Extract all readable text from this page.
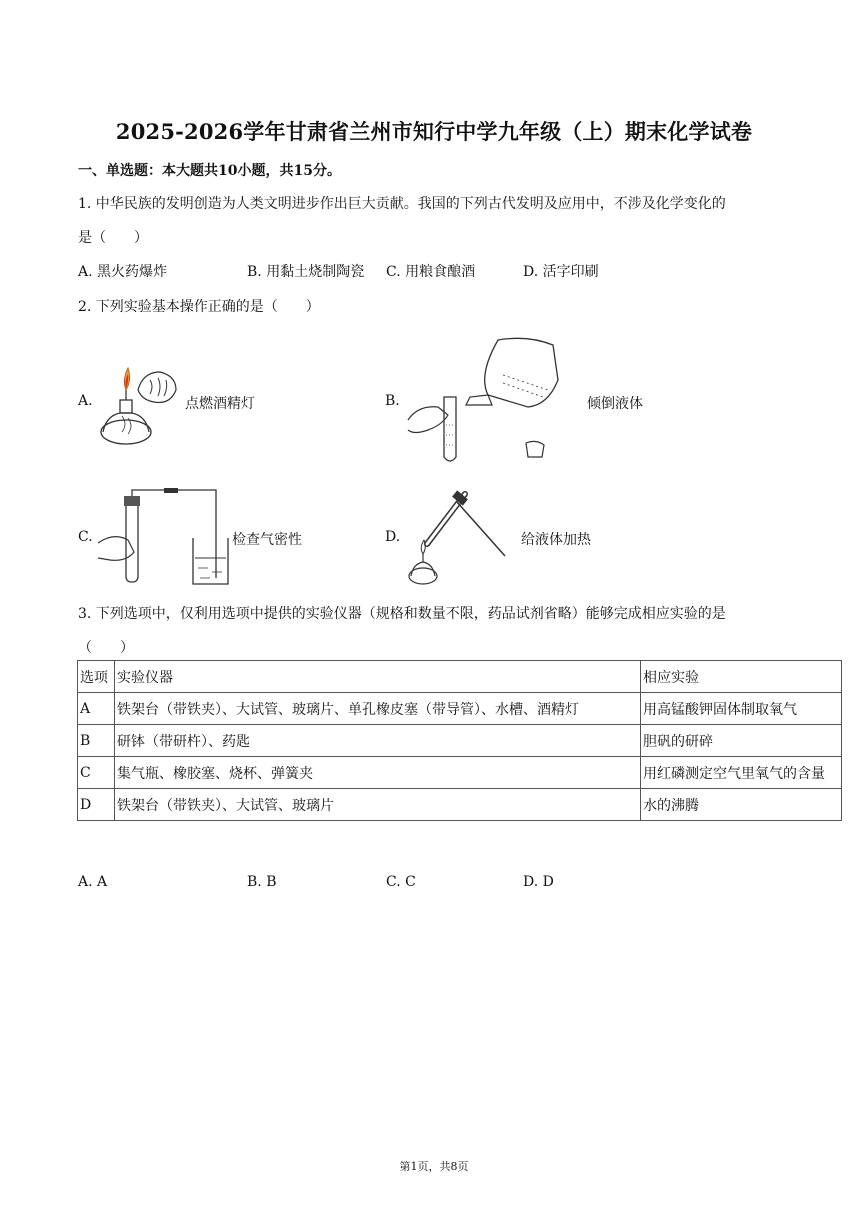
2025-2026学年甘肃省兰州市知行中学九年级（上）期末化学试卷
一、单选题：本大题共10小题，共15分。
1. 中华民族的发明创造为人类文明进步作出巨大贡献。我国的下列古代发明及应用中，不涉及化学变化的
是（　　）
A. 黑火药爆炸	B. 用黏土烧制陶瓷 C. 用粮食酿酒	D. 活字印刷
2. 下列实验基本操作正确的是（　　）
A.	点燃酒精灯	B.	倾倒液体
C.	检查气密性	D.	给液体加热
3. 下列选项中，仅利用选项中提供的实验仪器（规格和数量不限，药品试剂省略）能够完成相应实验的是
（　　）
选项	实验仪器	相应实验
A	铁架台（带铁夹）、大试管、玻璃片、单孔橡皮塞（带导管）、水槽、酒精灯	用高锰酸钾固体制取氧气
B	研钵（带研杵）、药匙	胆矾的研碎
C	集气瓶、橡胶塞、烧杯、弹簧夹	用红磷测定空气里氧气的含量
D	铁架台（带铁夹）、大试管、玻璃片	水的沸腾
A. A	B. B	C. C	D. D
第1页，共8页
